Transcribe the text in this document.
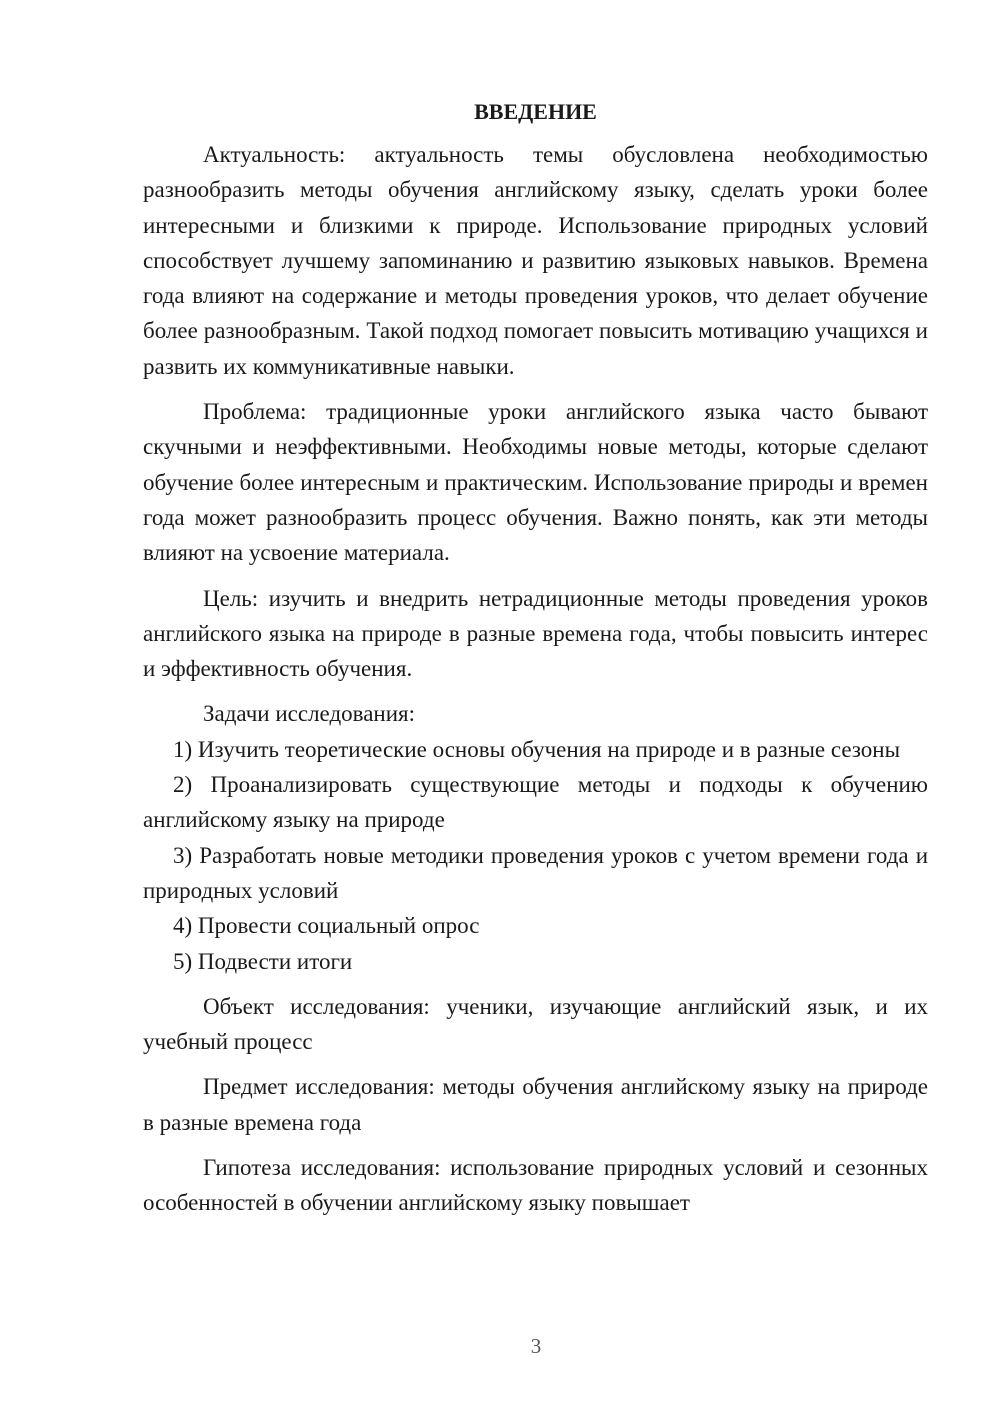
ВВЕДЕНИЕ

Актуальность: актуальность темы обусловлена необходимостью разнообразить методы обучения английскому языку, сделать уроки более интересными и близкими к природе. Использование природных условий способствует лучшему запоминанию и развитию языковых навыков. Времена года влияют на содержание и методы проведения уроков, что делает обучение более разнообразным. Такой подход помогает повысить мотивацию учащихся и развить их коммуникативные навыки.

Проблема: традиционные уроки английского языка часто бывают скучными и неэффективными. Необходимы новые методы, которые сделают обучение более интересным и практическим. Использование природы и времен года может разнообразить процесс обучения. Важно понять, как эти методы влияют на усвоение материала.

Цель: изучить и внедрить нетрадиционные методы проведения уроков английского языка на природе в разные времена года, чтобы повысить интерес и эффективность обучения.

Задачи исследования:

1) Изучить теоретические основы обучения на природе и в разные сезоны

2) Проанализировать существующие методы и подходы к обучению английскому языку на природе

3) Разработать новые методики проведения уроков с учетом времени года и природных условий

4) Провести социальный опрос

5) Подвести итоги

Объект исследования: ученики, изучающие английский язык, и их учебный процесс

Предмет исследования: методы обучения английскому языку на природе в разные времена года

Гипотеза исследования: использование природных условий и сезонных особенностей в обучении английскому языку повышает

3
